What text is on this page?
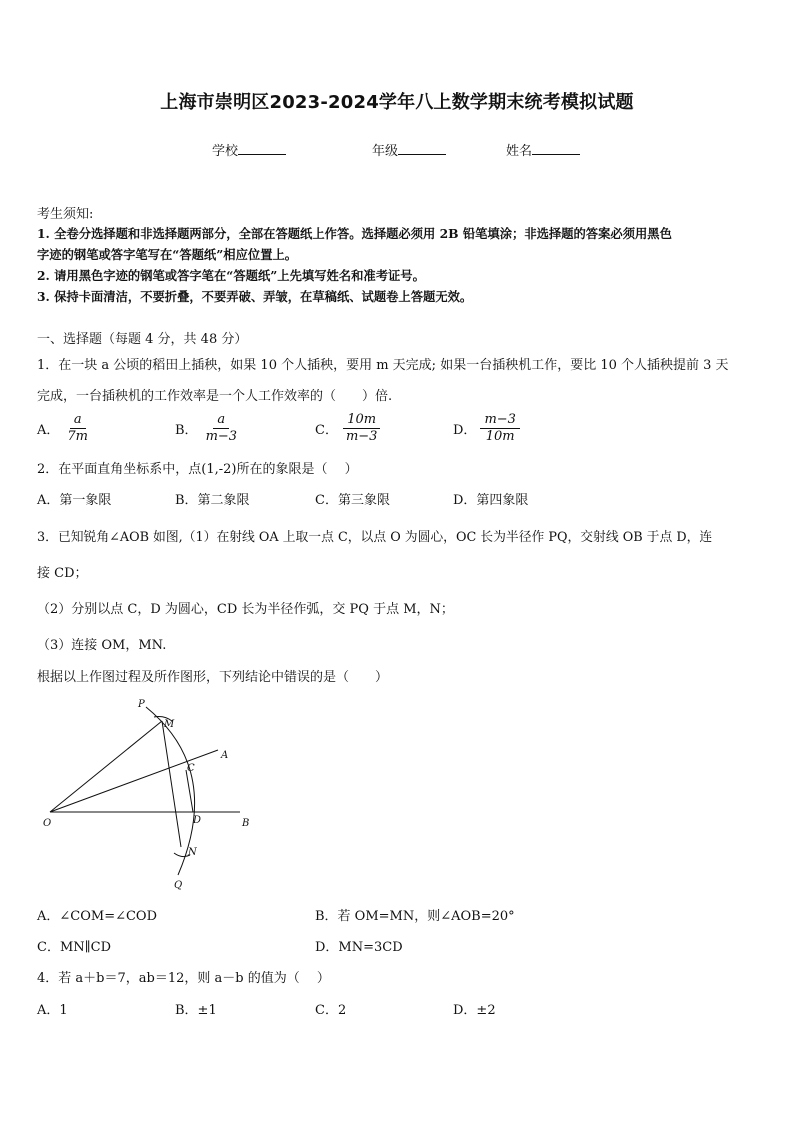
上海市崇明区2023-2024学年八上数学期末统考模拟试题
学校	年级	姓名
考生须知:
1. 全卷分选择题和非选择题两部分，全部在答题纸上作答。选择题必须用 2B 铅笔填涂；非选择题的答案必须用黑色
字迹的钢笔或答字笔写在“答题纸”相应位置上。
2. 请用黑色字迹的钢笔或答字笔在“答题纸”上先填写姓名和准考证号。
3. 保持卡面清洁，不要折叠，不要弄破、弄皱，在草稿纸、试题卷上答题无效。
一、选择题（每题 4 分，共 48 分）
1．在一块 a 公顷的稻田上插秧，如果 10 个人插秧，要用 m 天完成; 如果一台插秧机工作，要比 10 个人插秧提前 3 天
完成，一台插秧机的工作效率是一个人工作效率的（　　）倍.
A． $\frac{a}{7m}$	B． $\frac{a}{m-3}$	C． $\frac{10m}{m-3}$	D． $\frac{m-3}{10m}$
2．在平面直角坐标系中，点(1,-2)所在的象限是（　 ）
A．第一象限	B．第二象限	C．第三象限	D．第四象限
3．已知锐角∠AOB 如图,（1）在射线 OA 上取一点 C，以点 O 为圆心，OC 长为半径作 PQ，交射线 OB 于点 D，连
接 CD；
（2）分别以点 C，D 为圆心，CD 长为半径作弧，交 PQ 于点 M，N；
（3）连接 OM，MN.
根据以上作图过程及所作图形，下列结论中错误的是（　　）
P
M
A
C
O	D	B
N
Q
A．∠COM=∠COD	B．若 OM=MN，则∠AOB=20°
C．MN∥CD	D．MN=3CD
4．若 a＋b＝7，ab＝12，则 a－b 的值为（　 ）
A．1	B．±1	C．2	D．±2
